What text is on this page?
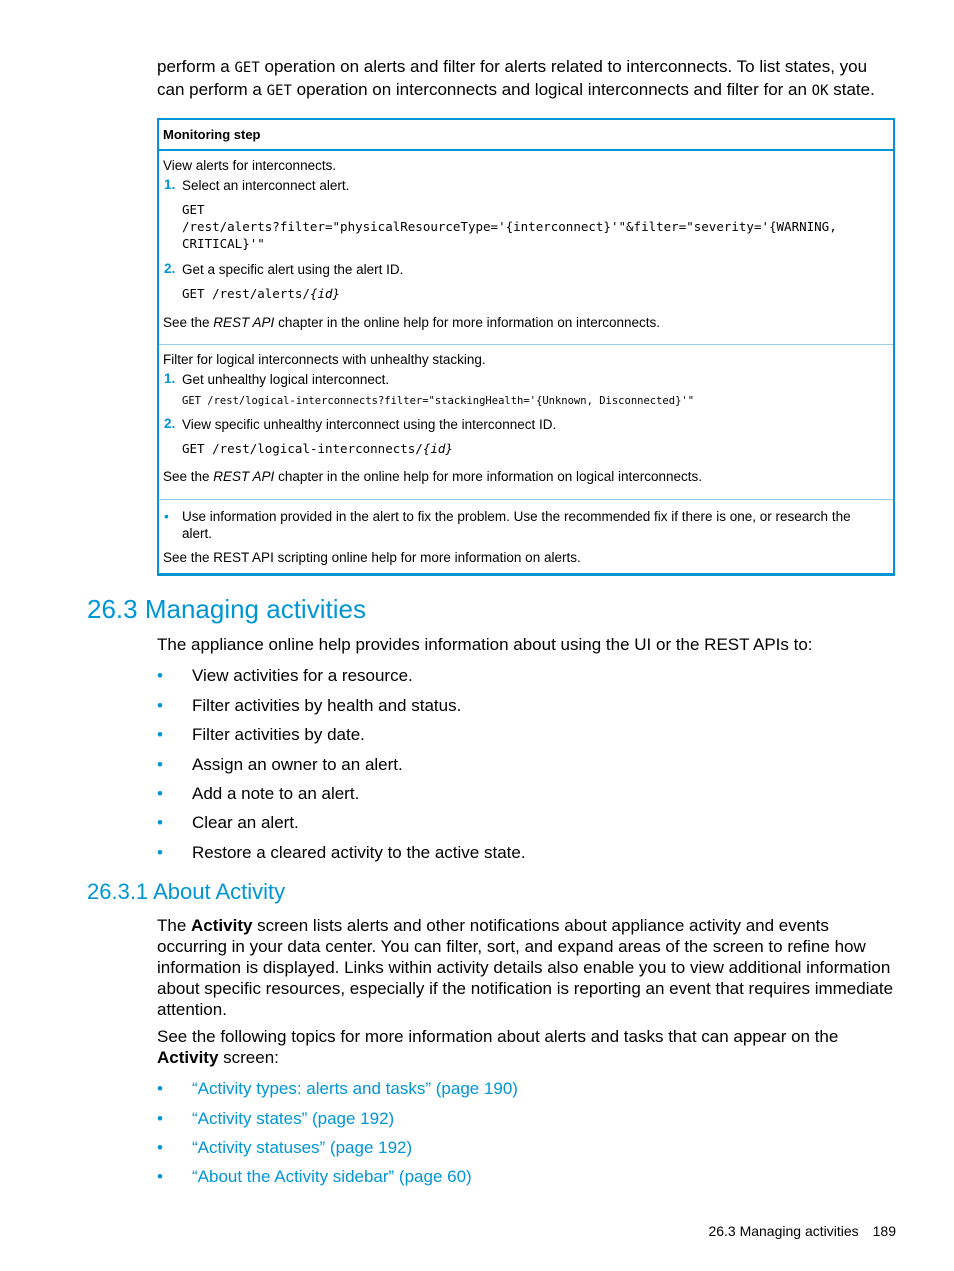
perform a GET operation on alerts and filter for alerts related to interconnects. To list states, you can perform a GET operation on interconnects and logical interconnects and filter for an OK state.
Monitoring step
View alerts for interconnects.
1. Select an interconnect alert.
GET
/rest/alerts?filter="physicalResourceType='{interconnect}'"&filter="severity='{WARNING,
CRITICAL}'"
2. Get a specific alert using the alert ID.
GET /rest/alerts/{id}
See the REST API chapter in the online help for more information on interconnects.
Filter for logical interconnects with unhealthy stacking.
1. Get unhealthy logical interconnect.
GET /rest/logical-interconnects?filter="stackingHealth='{Unknown, Disconnected}'"
2. View specific unhealthy interconnect using the interconnect ID.
GET /rest/logical-interconnects/{id}
See the REST API chapter in the online help for more information on logical interconnects.
• Use information provided in the alert to fix the problem. Use the recommended fix if there is one, or research the
alert.
See the REST API scripting online help for more information on alerts.
26.3 Managing activities
The appliance online help provides information about using the UI or the REST APIs to:
• View activities for a resource.
• Filter activities by health and status.
• Filter activities by date.
• Assign an owner to an alert.
• Add a note to an alert.
• Clear an alert.
• Restore a cleared activity to the active state.
26.3.1 About Activity
The Activity screen lists alerts and other notifications about appliance activity and events occurring in your data center. You can filter, sort, and expand areas of the screen to refine how information is displayed. Links within activity details also enable you to view additional information about specific resources, especially if the notification is reporting an event that requires immediate attention.
See the following topics for more information about alerts and tasks that can appear on the Activity screen:
• “Activity types: alerts and tasks” (page 190)
• “Activity states” (page 192)
• “Activity statuses” (page 192)
• “About the Activity sidebar” (page 60)
26.3 Managing activities 189
